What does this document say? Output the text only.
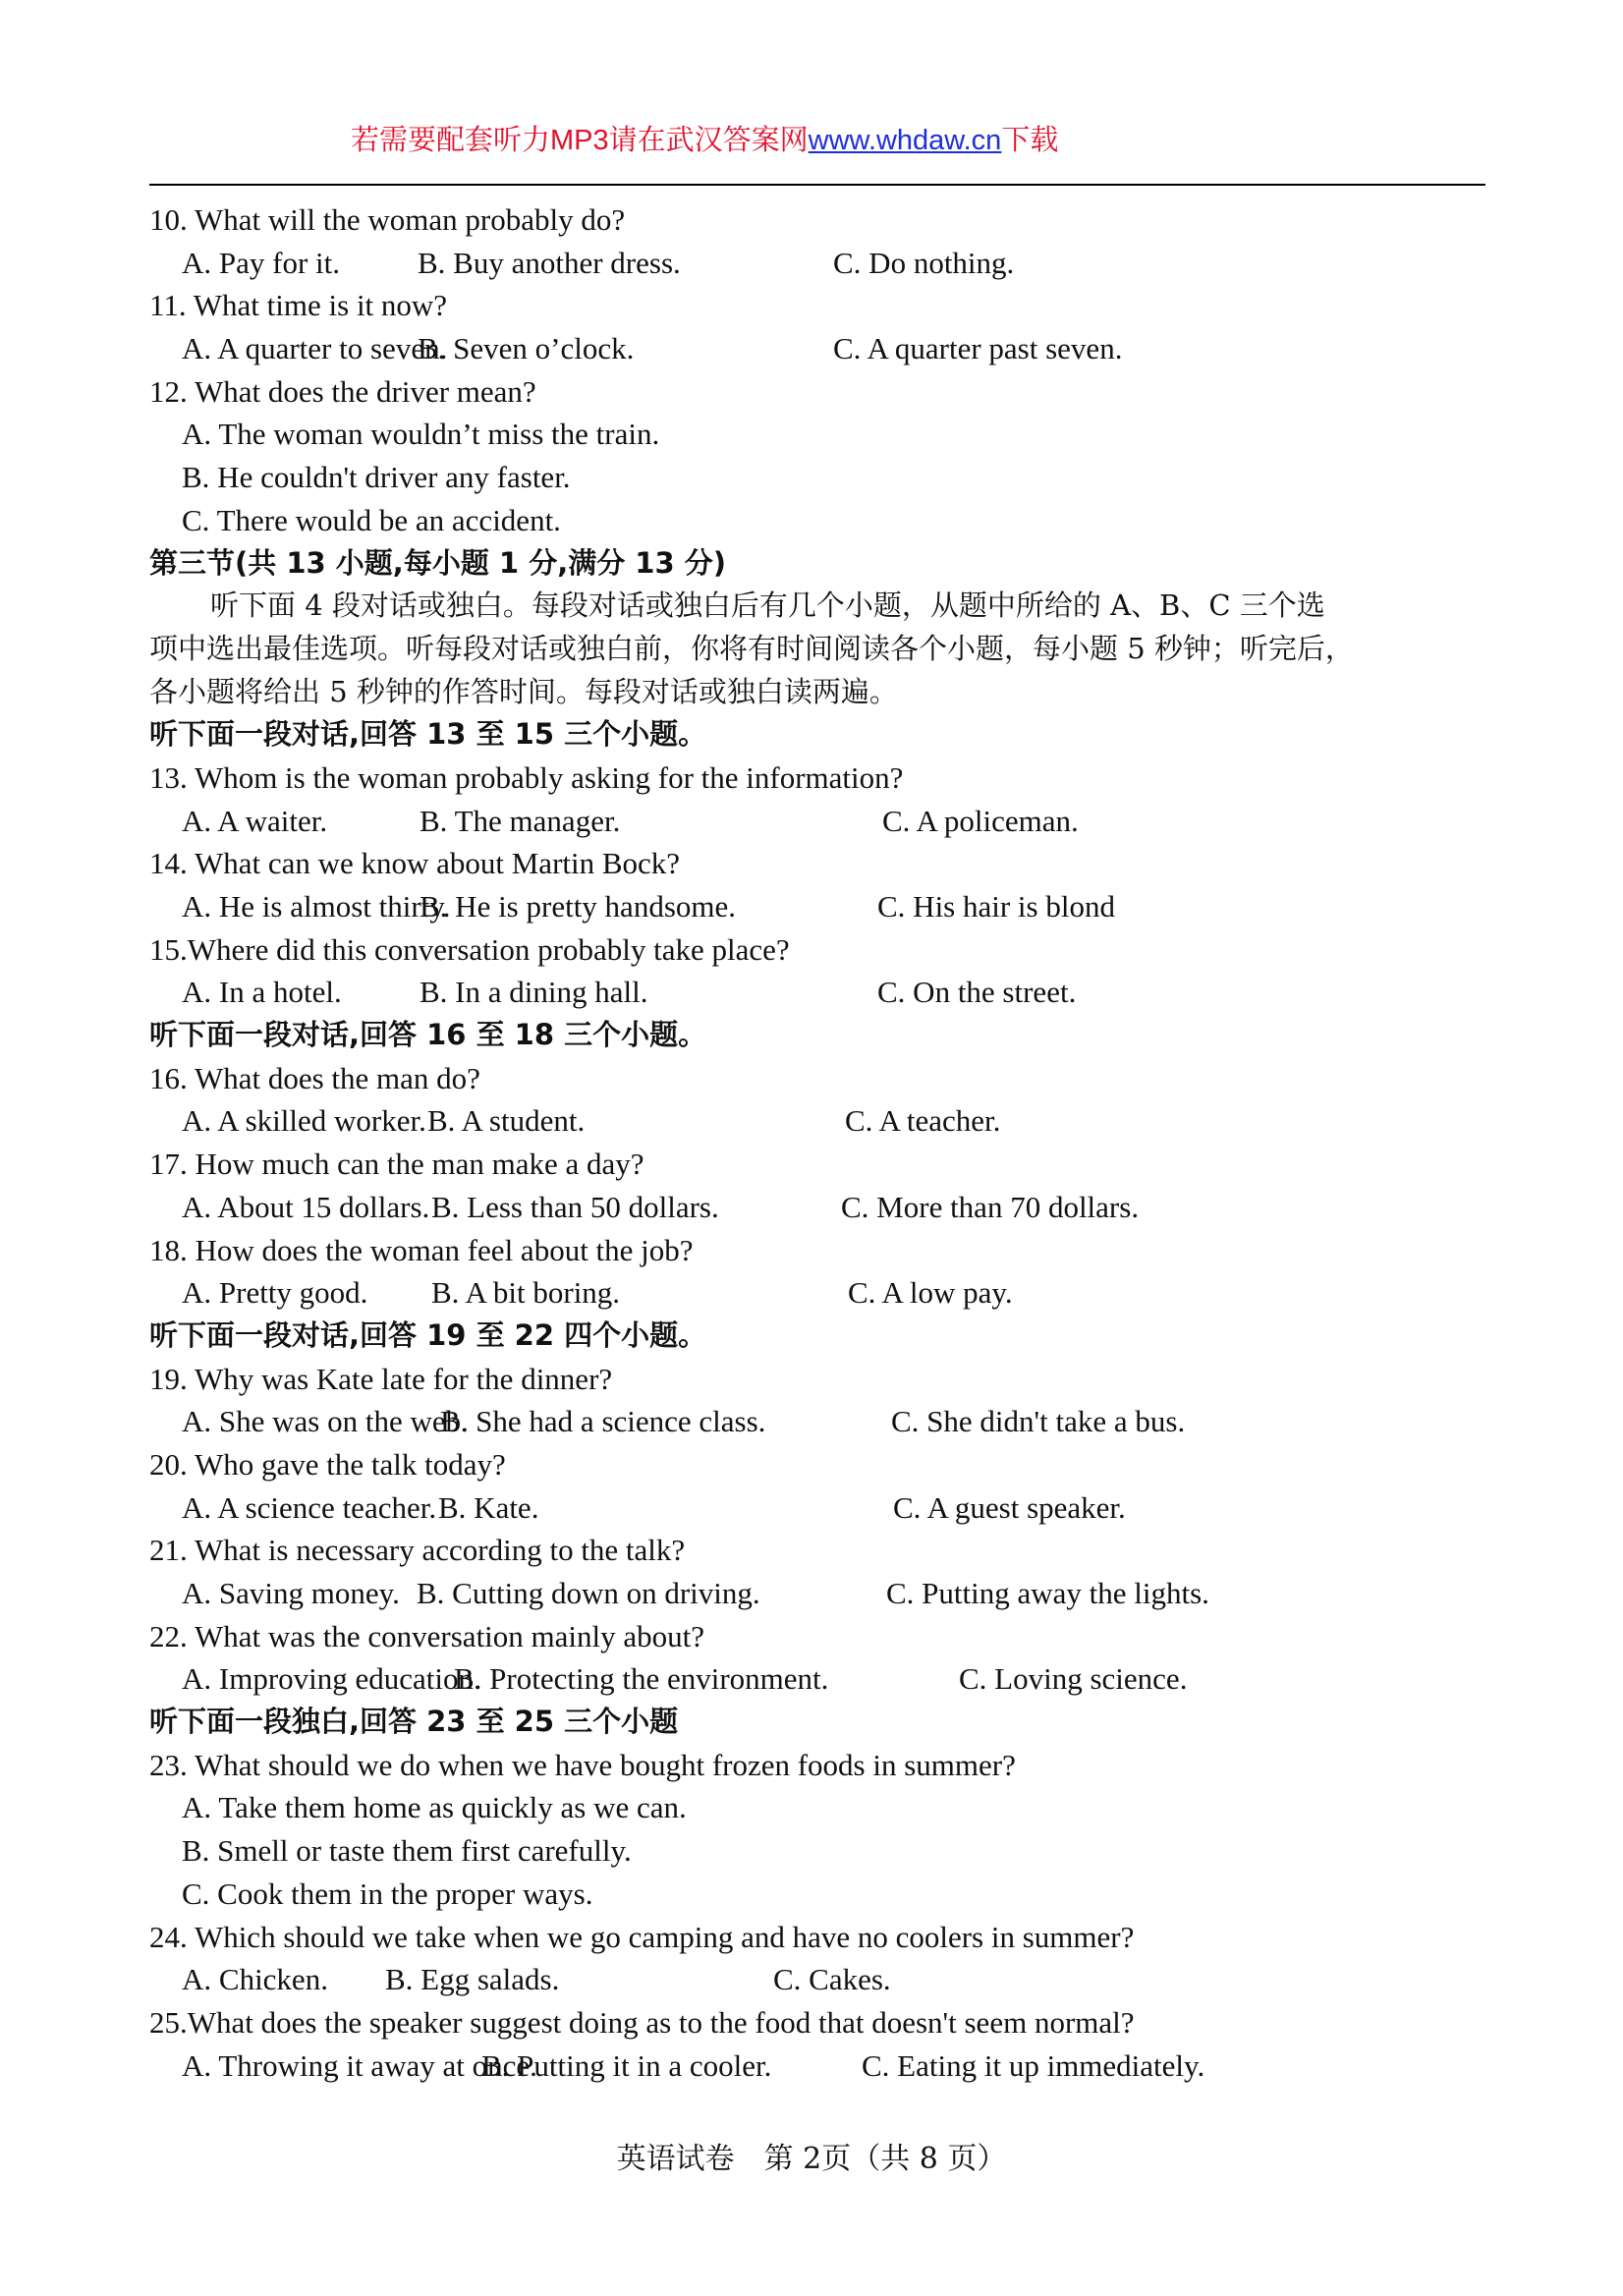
若需要配套听力MP3请在武汉答案网www.whdaw.cn下载
10. What will the woman probably do?
A. Pay for it.	B. Buy another dress.	C. Do nothing.
11. What time is it now?
A. A quarter to seven.
B. Seven o’clock.	C. A quarter past seven.
12. What does the driver mean?
A. The woman wouldn’t miss the train.
B. He couldn't driver any faster.
C. There would be an accident.
第三节(共 13 小题,每小题 1 分,满分 13 分)
听下面 4 段对话或独白。每段对话或独白后有几个小题，从题中所给的 A、B、C 三个选
项中选出最佳选项。听每段对话或独白前，你将有时间阅读各个小题，每小题 5 秒钟；听完后，
各小题将给出 5 秒钟的作答时间。每段对话或独白读两遍。
听下面一段对话,回答 13 至 15 三个小题。
13. Whom is the woman probably asking for the information?
A. A waiter.	B. The manager.	C. A policeman.
14. What can we know about Martin Bock?
A. He is almost thirty.
B. He is pretty handsome.	C. His hair is blond
15.Where did this conversation probably take place?
A. In a hotel.	B. In a dining hall.	C. On the street.
听下面一段对话,回答 16 至 18 三个小题。
16. What does the man do?
A. A skilled worker. B. A student.	C. A teacher.
17. How much can the man make a day?
A. About 15 dollars. B. Less than 50 dollars.	C. More than 70 dollars.
18. How does the woman feel about the job?
A. Pretty good. B. A bit boring.	C. A low pay.
听下面一段对话,回答 19 至 22 四个小题。
19. Why was Kate late for the dinner?
A. She was on the web.
B. She had a science class.	C. She didn't take a bus.
20. Who gave the talk today?
A. A science teacher. B. Kate.	C. A guest speaker.
21. What is necessary according to the talk?
A. Saving money. B. Cutting down on driving.	C. Putting away the lights.
22. What was the conversation mainly about?
A. Improving education.
B. Protecting the environment.	C. Loving science.
听下面一段独白,回答 23 至 25 三个小题
23. What should we do when we have bought frozen foods in summer?
A. Take them home as quickly as we can.
B. Smell or taste them first carefully.
C. Cook them in the proper ways.
24. Which should we take when we go camping and have no coolers in summer?
A. Chicken. B. Egg salads.	C. Cakes.
25.What does the speaker suggest doing as to the food that doesn't seem normal?
A. Throwing it away at once.
B. Putting it in a cooler.	C. Eating it up immediately.
英语试卷　第 2页（共 8 页）
